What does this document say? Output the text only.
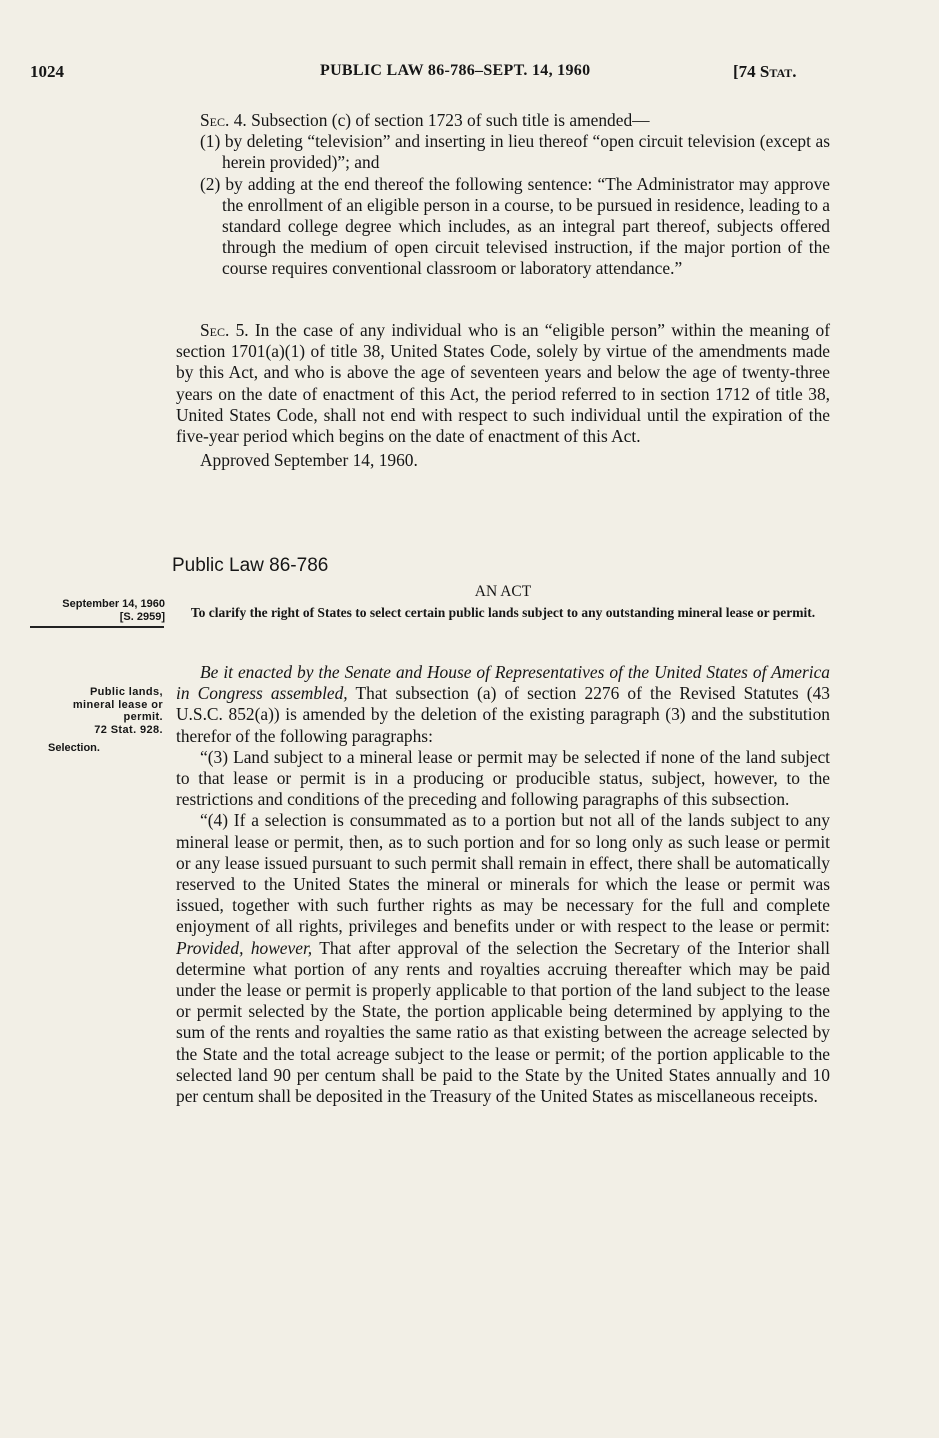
1024	PUBLIC LAW 86-786–SEPT. 14, 1960	[74 Stat.

Sec. 4. Subsection (c) of section 1723 of such title is amended—

(1) by deleting “television” and inserting in lieu thereof “open circuit television (except as herein provided)”; and

(2) by adding at the end thereof the following sentence: “The Administrator may approve the enrollment of an eligible person in a course, to be pursued in residence, leading to a standard college degree which includes, as an integral part thereof, subjects offered through the medium of open circuit televised instruction, if the major portion of the course requires conventional classroom or laboratory attendance.”

Sec. 5. In the case of any individual who is an “eligible person” within the meaning of section 1701(a)(1) of title 38, United States Code, solely by virtue of the amendments made by this Act, and who is above the age of seventeen years and below the age of twenty-three years on the date of enactment of this Act, the period referred to in section 1712 of title 38, United States Code, shall not end with respect to such individual until the expiration of the five-year period which begins on the date of enactment of this Act.

Approved September 14, 1960.

Public Law 86-786
AN ACT
To clarify the right of States to select certain public lands subject to any outstanding mineral lease or permit.
September 14, 1960
[S. 2959]
Public lands,
mineral lease or
permit.
72 Stat. 928.
Selection.

Be it enacted by the Senate and House of Representatives of the United States of America in Congress assembled, That subsection (a) of section 2276 of the Revised Statutes (43 U.S.C. 852(a)) is amended by the deletion of the existing paragraph (3) and the substitution therefor of the following paragraphs:

“(3) Land subject to a mineral lease or permit may be selected if none of the land subject to that lease or permit is in a producing or producible status, subject, however, to the restrictions and conditions of the preceding and following paragraphs of this subsection.

“(4) If a selection is consummated as to a portion but not all of the lands subject to any mineral lease or permit, then, as to such portion and for so long only as such lease or permit or any lease issued pursuant to such permit shall remain in effect, there shall be automatically reserved to the United States the mineral or minerals for which the lease or permit was issued, together with such further rights as may be necessary for the full and complete enjoyment of all rights, privileges and benefits under or with respect to the lease or permit: Provided, however, That after approval of the selection the Secretary of the Interior shall determine what portion of any rents and royalties accruing thereafter which may be paid under the lease or permit is properly applicable to that portion of the land subject to the lease or permit selected by the State, the portion applicable being determined by applying to the sum of the rents and royalties the same ratio as that existing between the acreage selected by the State and the total acreage subject to the lease or permit; of the portion applicable to the selected land 90 per centum shall be paid to the State by the United States annually and 10 per centum shall be deposited in the Treasury of the United States as miscellaneous receipts.
